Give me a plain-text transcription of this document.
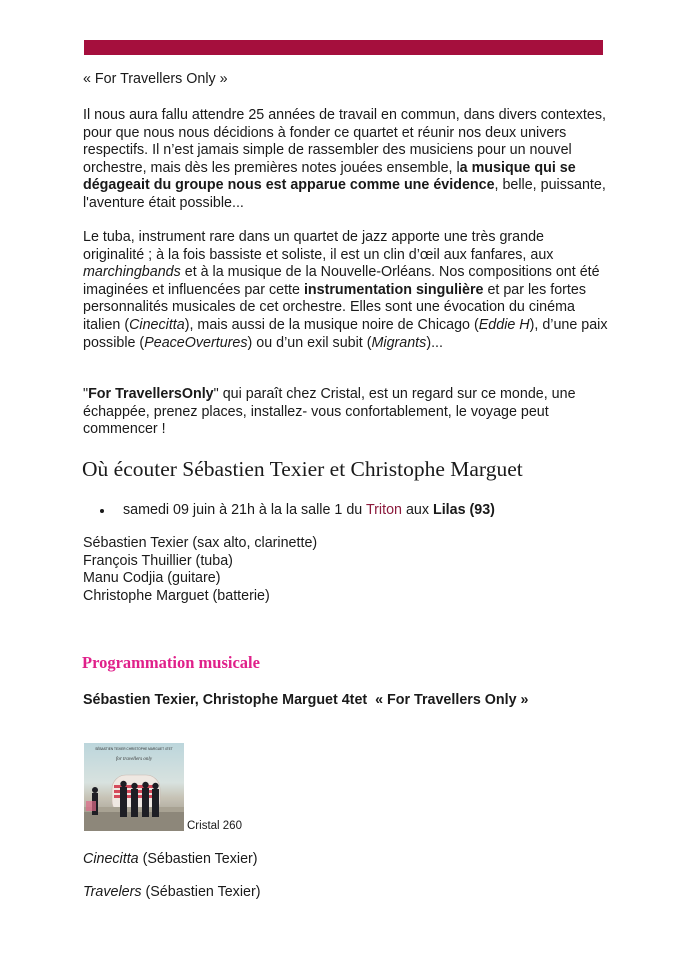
« For Travellers Only »

Il nous aura fallu attendre 25 années de travail en commun, dans divers contextes, pour que nous nous décidions à fonder ce quartet et réunir nos deux univers respectifs. Il n’est jamais simple de rassembler des musiciens pour un nouvel orchestre, mais dès les premières notes jouées ensemble, la musique qui se dégageait du groupe nous est apparue comme une évidence, belle, puissante, l'aventure était possible...

Le tuba, instrument rare dans un quartet de jazz apporte une très grande originalité ; à la fois bassiste et soliste, il est un clin d’œil aux fanfares, aux marchingbands et à la musique de la Nouvelle-Orléans. Nos compositions ont été imaginées et influencées par cette instrumentation singulière et par les fortes personnalités musicales de cet orchestre. Elles sont une évocation du cinéma italien (Cinecitta), mais aussi de la musique noire de Chicago (Eddie H), d’une paix possible (PeaceOvertures) ou d’un exil subit (Migrants)...

"For TravellersOnly" qui paraît chez Cristal, est un regard sur ce monde, une échappée, prenez places, installez- vous confortablement, le voyage peut commencer !

Où écouter Sébastien Texier et Christophe Marguet
samedi 09 juin à 21h à la la salle 1 du Triton aux Lilas (93)

Sébastien Texier (sax alto, clarinette)

François Thuillier (tuba)

Manu Codjia (guitare)

Christophe Marguet (batterie)

Programmation musicale
Sébastien Texier, Christophe Marguet 4tet  « For Travellers Only »
SÉBASTIEN TEXIER CHRISTOPHE MARGUET 4TET
for travellers only
Cristal 260
Cinecitta (Sébastien Texier)
Travelers (Sébastien Texier)
